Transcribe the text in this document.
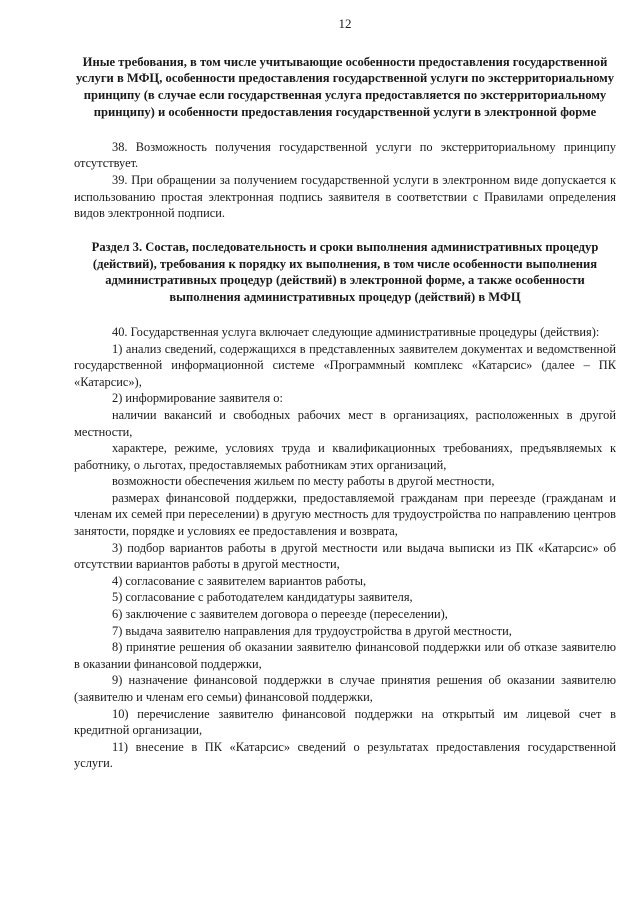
12
Иные требования, в том числе учитывающие особенности предоставления государственной услуги в МФЦ, особенности предоставления государственной услуги по экстерриториальному принципу (в случае если государственная услуга предоставляется по экстерриториальному принципу) и особенности предоставления государственной услуги в электронной форме

38. Возможность получения государственной услуги по экстерриториальному принципу отсутствует.

39. При обращении за получением государственной услуги в электронном виде допускается к использованию простая электронная подпись заявителя в соответствии с Правилами определения видов электронной подписи.

Раздел 3. Состав, последовательность и сроки выполнения административных процедур (действий), требования к порядку их выполнения, в том числе особенности выполнения административных процедур (действий) в электронной форме, а также особенности выполнения административных процедур (действий) в МФЦ

40. Государственная услуга включает следующие административные процедуры (действия):

1) анализ сведений, содержащихся в представленных заявителем документах и ведомственной государственной информационной системе «Программный комплекс «Катарсис» (далее – ПК «Катарсис»),

2) информирование заявителя о:

наличии вакансий и свободных рабочих мест в организациях, расположенных в другой местности,

характере, режиме, условиях труда и квалификационных требованиях, предъявляемых к работнику, о льготах, предоставляемых работникам этих организаций,

возможности обеспечения жильем по месту работы в другой местности,

размерах финансовой поддержки, предоставляемой гражданам при переезде (гражданам и членам их семей при переселении) в другую местность для трудоустройства по направлению центров занятости, порядке и условиях ее предоставления и возврата,

3) подбор вариантов работы в другой местности или выдача выписки из ПК «Катарсис» об отсутствии вариантов работы в другой местности,

4) согласование с заявителем вариантов работы,

5) согласование с работодателем кандидатуры заявителя,

6) заключение с заявителем договора о переезде (переселении),

7) выдача заявителю направления для трудоустройства в другой местности,

8) принятие решения об оказании заявителю финансовой поддержки или об отказе заявителю в оказании финансовой поддержки,

9) назначение финансовой поддержки в случае принятия решения об оказании заявителю (заявителю и членам его семьи) финансовой поддержки,

10) перечисление заявителю финансовой поддержки на открытый им лицевой счет в кредитной организации,

11) внесение в ПК «Катарсис» сведений о результатах предоставления государственной услуги.
